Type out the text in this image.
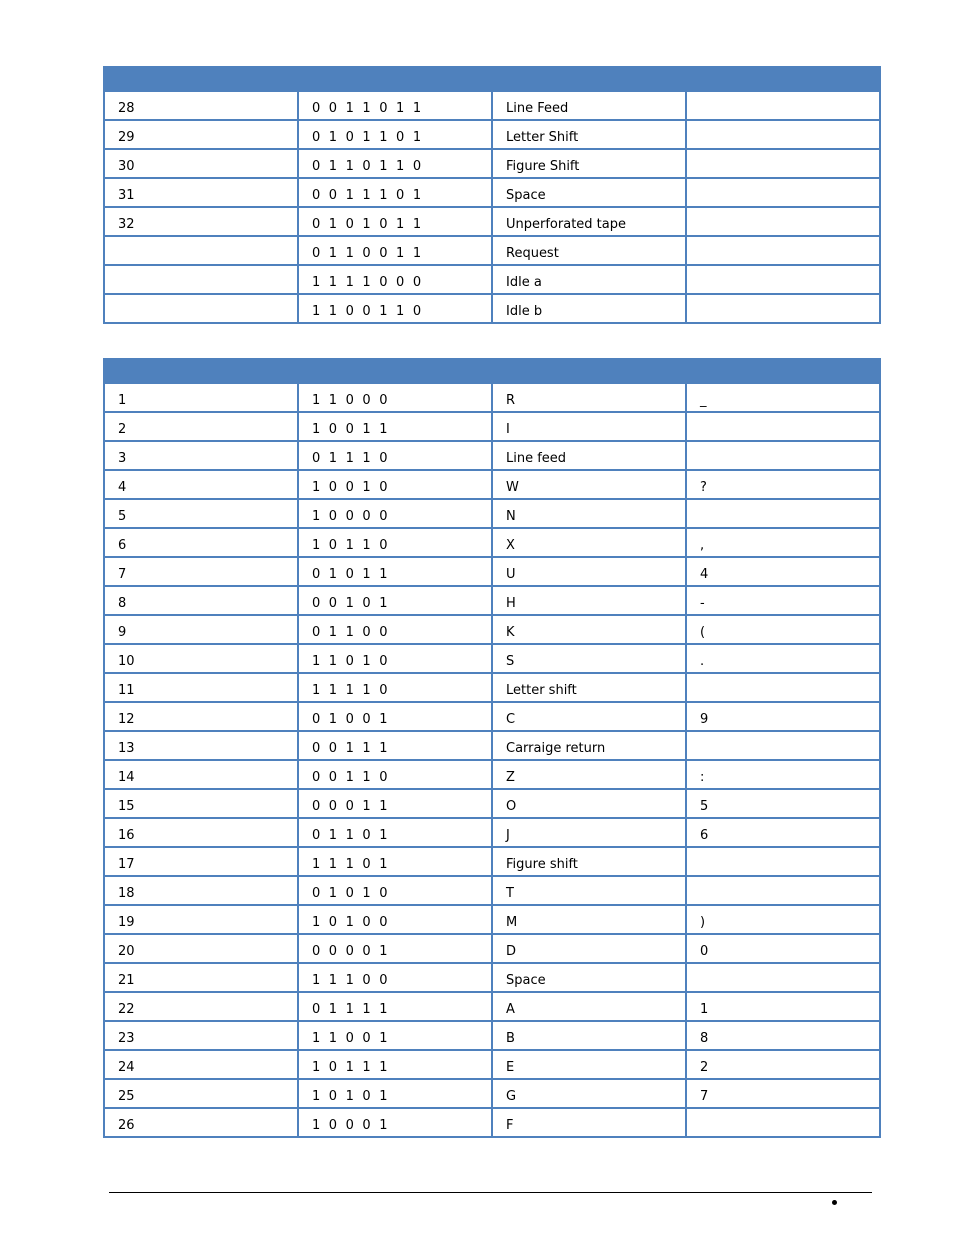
28	0 0 1 1 0 1 1	Line Feed	
29	0 1 0 1 1 0 1	Letter Shift	
30	0 1 1 0 1 1 0	Figure Shift	
31	0 0 1 1 1 0 1	Space	
32	0 1 0 1 0 1 1	Unperforated tape	
	0 1 1 0 0 1 1	Request	
	1 1 1 1 0 0 0	Idle a	
	1 1 0 0 1 1 0	Idle b	

1	1 1 0 0 0	R	_
2	1 0 0 1 1	I	
3	0 1 1 1 0	Line feed	
4	1 0 0 1 0	W	?
5	1 0 0 0 0	N	
6	1 0 1 1 0	X	,
7	0 1 0 1 1	U	4
8	0 0 1 0 1	H	-
9	0 1 1 0 0	K	(
10	1 1 0 1 0	S	.
11	1 1 1 1 0	Letter shift	
12	0 1 0 0 1	C	9
13	0 0 1 1 1	Carraige return	
14	0 0 1 1 0	Z	:
15	0 0 0 1 1	O	5
16	0 1 1 0 1	J	6
17	1 1 1 0 1	Figure shift	
18	0 1 0 1 0	T	
19	1 0 1 0 0	M	)
20	0 0 0 0 1	D	0
21	1 1 1 0 0	Space	
22	0 1 1 1 1	A	1
23	1 1 0 0 1	B	8
24	1 0 1 1 1	E	2
25	1 0 1 0 1	G	7
26	1 0 0 0 1	F	
